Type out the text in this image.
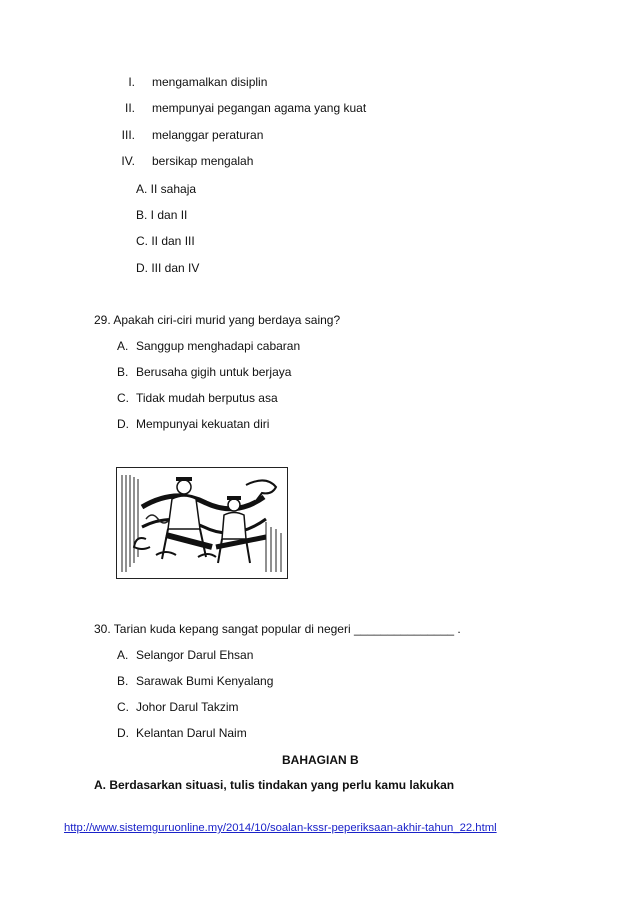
I. mengamalkan disiplin
II. mempunyai pegangan agama yang kuat
III. melanggar peraturan
IV. bersikap mengalah
A. II sahaja
B. I dan II
C. II dan III
D. III dan IV
29. Apakah ciri-ciri murid yang berdaya saing?
A. Sanggup menghadapi cabaran
B. Berusaha gigih untuk berjaya
C. Tidak mudah berputus asa
D. Mempunyai kekuatan diri
30. Tarian kuda kepang sangat popular di negeri _______________ .
A. Selangor Darul Ehsan
B. Sarawak Bumi Kenyalang
C. Johor Darul Takzim
D. Kelantan Darul Naim
BAHAGIAN B
A. Berdasarkan situasi, tulis tindakan yang perlu kamu lakukan
http://www.sistemguruonline.my/2014/10/soalan-kssr-peperiksaan-akhir-tahun_22.html
